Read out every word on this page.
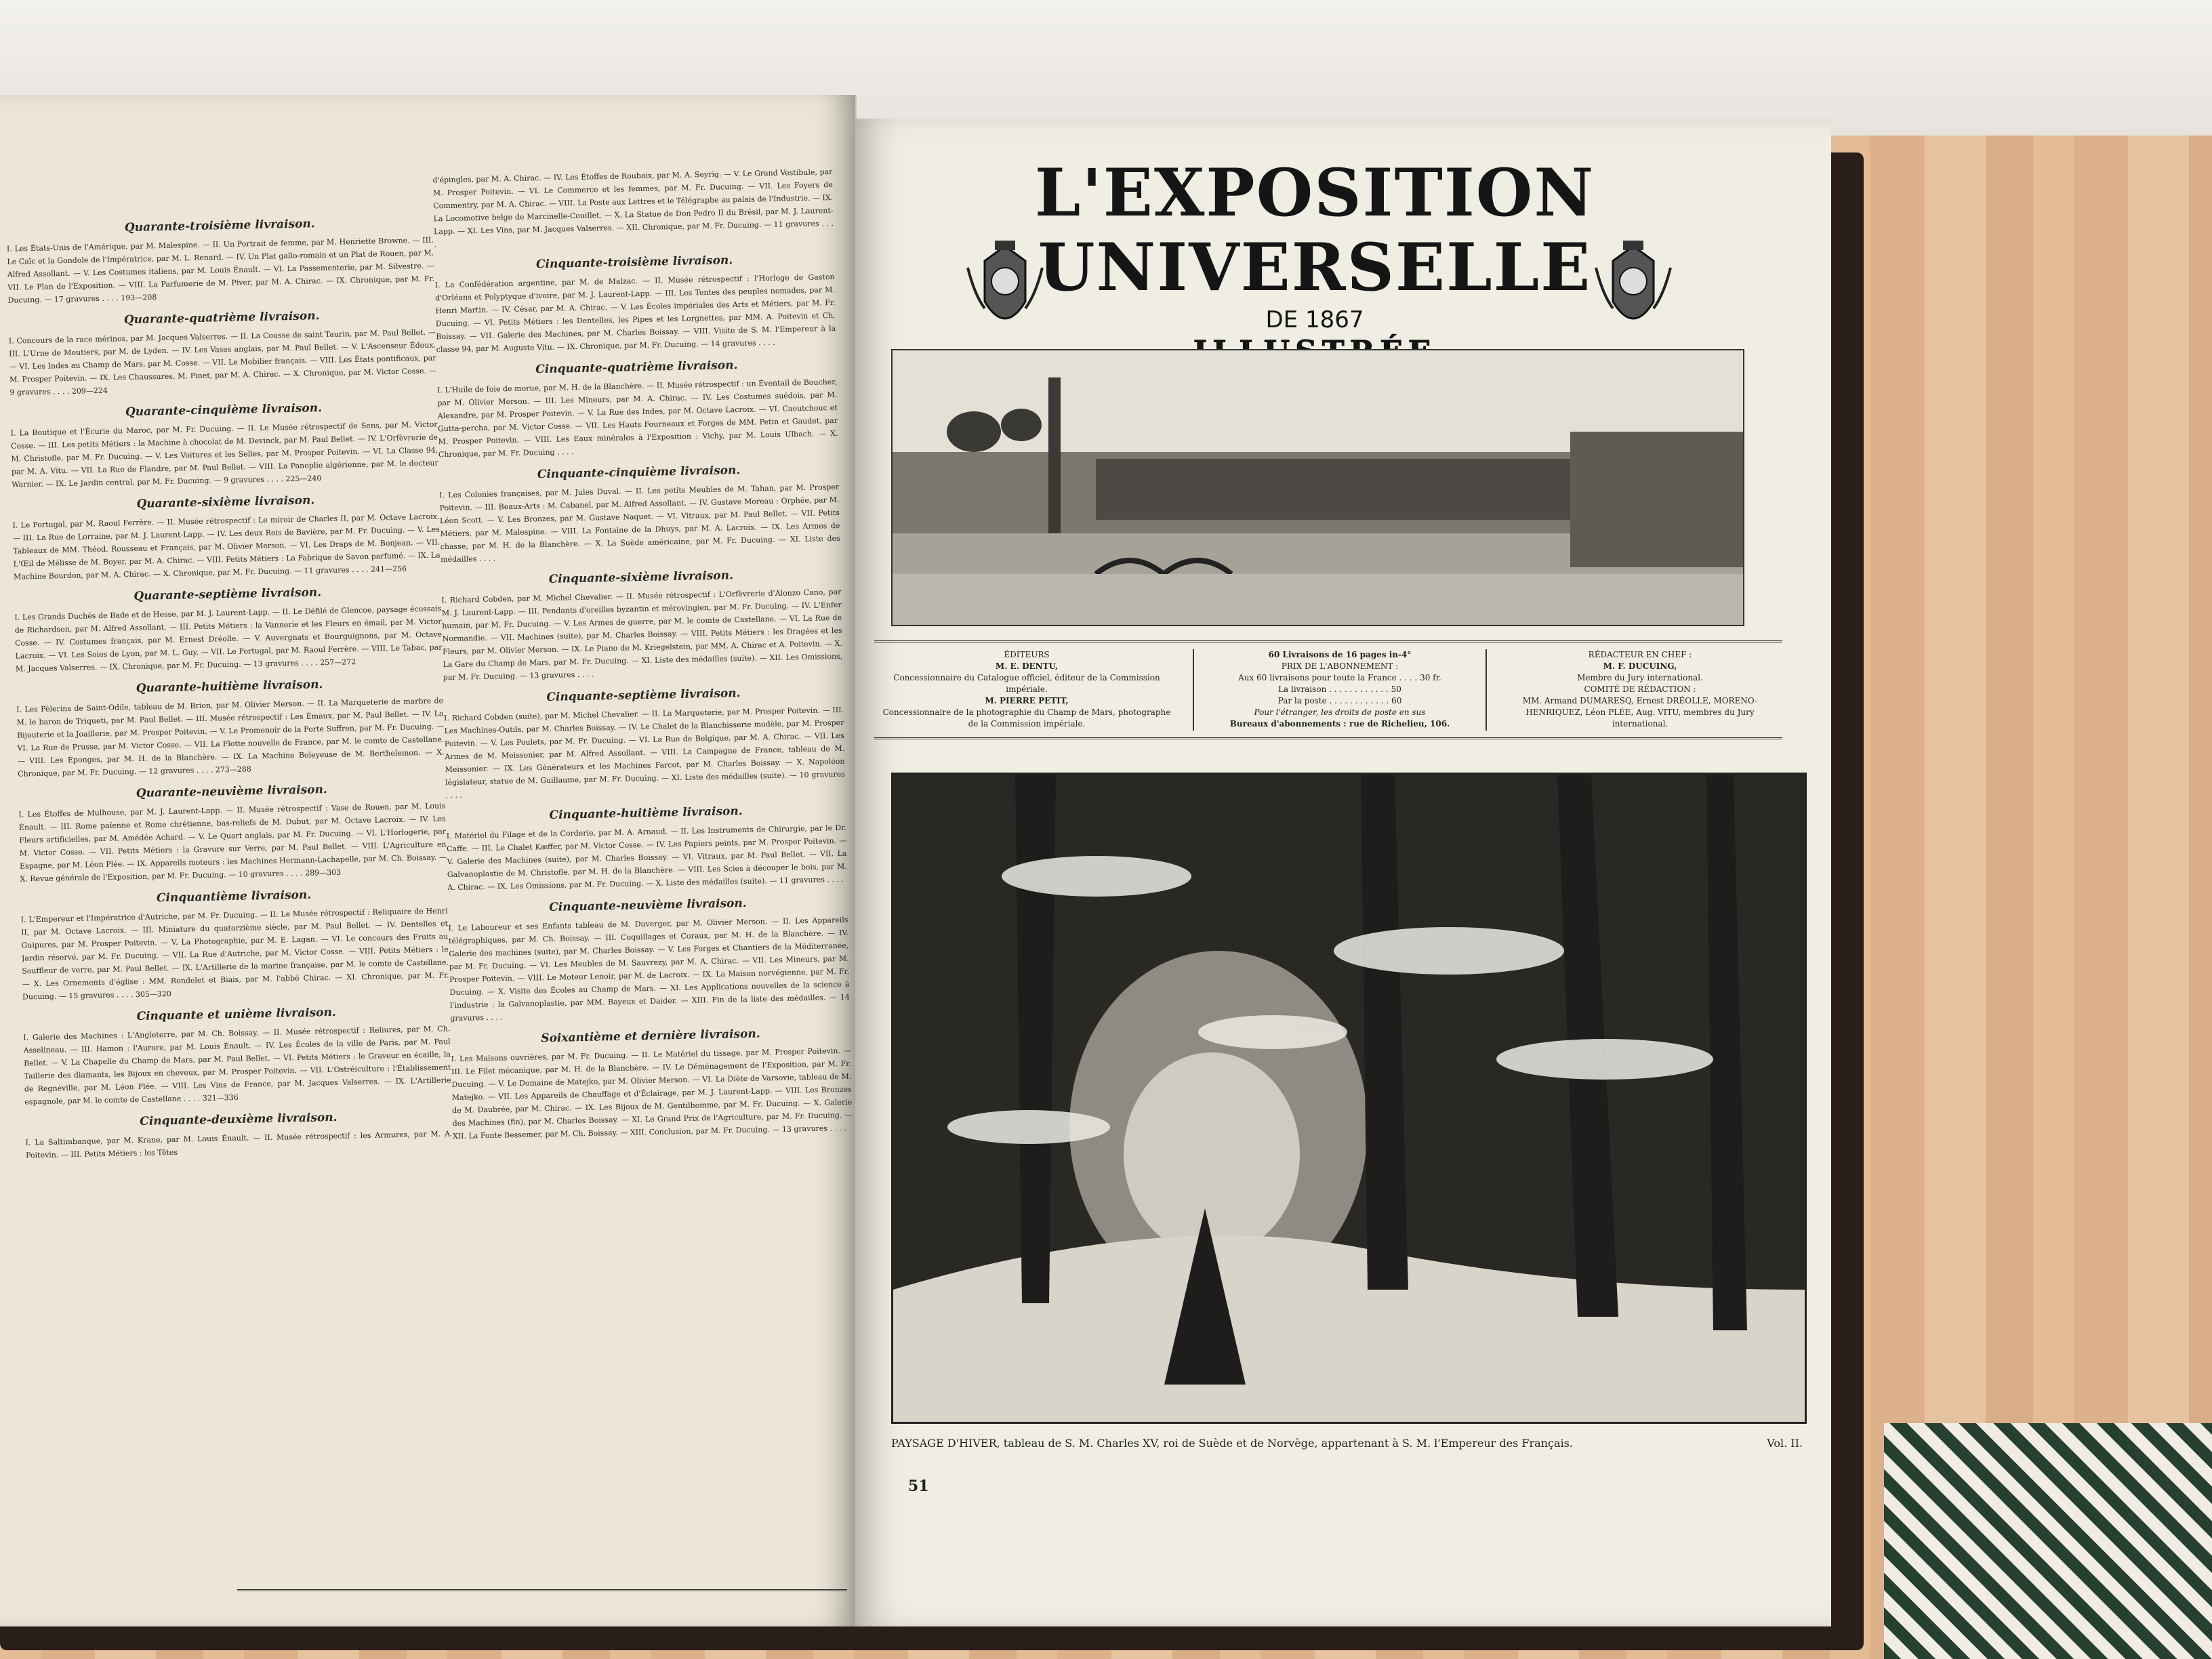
Quarante-troisième livraison.
I. Les États-Unis de l'Amérique, par M. Malespine. — II. Un Portrait de femme, par M. Henriette Browne. — III. Le Caïc et la Gondole de l'Impératrice, par M. L. Renard. — IV. Un Plat gallo-romain et un Plat de Rouen, par M. Alfred Assollant. — V. Les Costumes italiens, par M. Louis Énault. — VI. La Passementerie, par M. Silvestre. — VII. Le Plan de l'Exposition. — VIII. La Parfumerie de M. Piver, par M. A. Chirac. — IX. Chronique, par M. Fr. Ducuing. — 17 gravures . . . . 193—208
Quarante-quatrième livraison.
I. Concours de la race mérinos, par M. Jacques Valserres. — II. La Cousse de saint Taurin, par M. Paul Bellet. — III. L'Urne de Moutiers, par M. de Lyden. — IV. Les Vases anglais, par M. Paul Bellet. — V. L'Ascenseur Édoux. — VI. Les Indes au Champ de Mars, par M. Cosse. — VII. Le Mobilier français. — VIII. Les États pontificaux, par M. Prosper Poitevin. — IX. Les Chaussures, M. Pinet, par M. A. Chirac. — X. Chronique, par M. Victor Cosse. — 9 gravures . . . . 209—224
Quarante-cinquième livraison.
I. La Boutique et l'Écurie du Maroc, par M. Fr. Ducuing. — II. Le Musée rétrospectif de Sens, par M. Victor Cosse. — III. Les petits Métiers : la Machine à chocolat de M. Devinck, par M. Paul Bellet. — IV. L'Orfèvrerie de M. Christofle, par M. Fr. Ducuing. — V. Les Voitures et les Selles, par M. Prosper Poitevin. — VI. La Classe 94, par M. A. Vitu. — VII. La Rue de Flandre, par M. Paul Bellet. — VIII. La Panoplie algérienne, par M. le docteur Warnier. — IX. Le Jardin central, par M. Fr. Ducuing. — 9 gravures . . . . 225—240
Quarante-sixième livraison.
I. Le Portugal, par M. Raoul Ferrère. — II. Musée rétrospectif : Le miroir de Charles II, par M. Octave Lacroix. — III. La Rue de Lorraine, par M. J. Laurent-Lapp. — IV. Les deux Rois de Bavière, par M. Fr. Ducuing. — V. Les Tableaux de MM. Théod. Rousseau et Français, par M. Olivier Merson. — VI. Les Draps de M. Bonjean. — VII. L'Œil de Mélisse de M. Boyer, par M. A. Chirac. — VIII. Petits Métiers : La Fabrique de Savon parfumé. — IX. La Machine Bourdon, par M. A. Chirac. — X. Chronique, par M. Fr. Ducuing. — 11 gravures . . . . 241—256
Quarante-septième livraison.
I. Les Grands Duchés de Bade et de Hesse, par M. J. Laurent-Lapp. — II. Le Défilé de Glencoe, paysage écossais de Richardson, par M. Alfred Assollant. — III. Petits Métiers : la Vannerie et les Fleurs en émail, par M. Victor Cosse. — IV. Costumes français, par M. Ernest Dréolle. — V. Auvergnats et Bourguignons, par M. Octave Lacroix. — VI. Les Soies de Lyon, par M. L. Guy. — VII. Le Portugal, par M. Raoul Ferrère. — VIII. Le Tabac, par M. Jacques Valserres. — IX. Chronique, par M. Fr. Ducuing. — 13 gravures . . . . 257—272
Quarante-huitième livraison.
I. Les Pèlerins de Saint-Odile, tableau de M. Brion, par M. Olivier Merson. — II. La Marqueterie de marbre de M. le baron de Triqueti, par M. Paul Bellet. — III. Musée rétrospectif : Les Émaux, par M. Paul Bellet. — IV. La Bijouterie et la Joaillerie, par M. Prosper Poitevin. — V. Le Promenoir de la Porte Suffren, par M. Fr. Ducuing. — VI. La Rue de Prusse, par M. Victor Cosse. — VII. La Flotte nouvelle de France, par M. le comte de Castellane. — VIII. Les Éponges, par M. H. de la Blanchère. — IX. La Machine Boleyeuse de M. Berthelemon. — X. Chronique, par M. Fr. Ducuing. — 12 gravures . . . . 273—288
Quarante-neuvième livraison.
I. Les Étoffes de Mulhouse, par M. J. Laurent-Lapp. — II. Musée rétrospectif : Vase de Rouen, par M. Louis Énault. — III. Rome païenne et Rome chrétienne, bas-reliefs de M. Dubut, par M. Octave Lacroix. — IV. Les Fleurs artificielles, par M. Amédée Achard. — V. Le Quart anglais, par M. Fr. Ducuing. — VI. L'Horlogerie, par M. Victor Cosse. — VII. Petits Métiers : la Gravure sur Verre, par M. Paul Bellet. — VIII. L'Agriculture en Espagne, par M. Léon Plée. — IX. Appareils moteurs : les Machines Hermann-Lachapelle, par M. Ch. Boissay. — X. Revue générale de l'Exposition, par M. Fr. Ducuing. — 10 gravures . . . . 289—303
Cinquantième livraison.
I. L'Empereur et l'Impératrice d'Autriche, par M. Fr. Ducuing. — II. Le Musée rétrospectif : Reliquaire de Henri II, par M. Octave Lacroix. — III. Miniature du quatorzième siècle, par M. Paul Bellet. — IV. Dentelles et Guipures, par M. Prosper Poitevin. — V. La Photographie, par M. E. Lagan. — VI. Le concours des Fruits au Jardin réservé, par M. Fr. Ducuing. — VII. La Rue d'Autriche, par M. Victor Cosse. — VIII. Petits Métiers : le Souffleur de verre, par M. Paul Bellet. — IX. L'Artillerie de la marine française, par M. le comte de Castellane. — X. Les Ornements d'église : MM. Rondelet et Biais, par M. l'abbé Chirac. — XI. Chronique, par M. Fr. Ducuing. — 15 gravures . . . . 305—320
Cinquante et unième livraison.
I. Galerie des Machines : L'Angleterre, par M. Ch. Boissay. — II. Musée rétrospectif : Reliures, par M. Ch. Asselineau. — III. Hamon : l'Aurore, par M. Louis Énault. — IV. Les Écoles de la ville de Paris, par M. Paul Bellet. — V. La Chapelle du Champ de Mars, par M. Paul Bellet. — VI. Petits Métiers : le Graveur en écaille, la Taillerie des diamants, les Bijoux en cheveux, par M. Prosper Poitevin. — VII. L'Ostréiculture : l'Établissement de Regnéville, par M. Léon Plée. — VIII. Les Vins de France, par M. Jacques Valserres. — IX. L'Artillerie espagnole, par M. le comte de Castellane . . . . 321—336
Cinquante-deuxième livraison.
I. La Saltimbanque, par M. Krane, par M. Louis Énault. — II. Musée rétrospectif : les Armures, par M. A. Poitevin. — III. Petits Métiers : les Têtes
d'épingles, par M. A. Chirac. — IV. Les Étoffes de Roubaix, par M. A. Seyrig. — V. Le Grand Vestibule, par M. Prosper Poitevin. — VI. Le Commerce et les femmes, par M. Fr. Ducuing. — VII. Les Foyers de Commentry, par M. A. Chirac. — VIII. La Poste aux Lettres et le Télégraphe au palais de l'Industrie. — IX. La Locomotive belge de Marcinelle-Couillet. — X. La Statue de Don Pedro II du Brésil, par M. J. Laurent-Lapp. — XI. Les Vins, par M. Jacques Valserres. — XII. Chronique, par M. Fr. Ducuing. — 11 gravures . . . .
Cinquante-troisième livraison.
I. La Confédération argentine, par M. de Malzac. — II. Musée rétrospectif : l'Horloge de Gaston d'Orléans et Polyptyque d'ivoire, par M. J. Laurent-Lapp. — III. Les Tentes des peuples nomades, par M. Henri Martin. — IV. César, par M. A. Chirac. — V. Les Écoles impériales des Arts et Métiers, par M. Fr. Ducuing. — VI. Petits Métiers : les Dentelles, les Pipes et les Lorgnettes, par MM. A. Poitevin et Ch. Boissay. — VII. Galerie des Machines, par M. Charles Boissay. — VIII. Visite de S. M. l'Empereur à la classe 94, par M. Auguste Vitu. — IX. Chronique, par M. Fr. Ducuing. — 14 gravures . . . .
Cinquante-quatrième livraison.
I. L'Huile de foie de morue, par M. H. de la Blanchère. — II. Musée rétrospectif : un Éventail de Boucher, par M. Olivier Merson. — III. Les Mineurs, par M. A. Chirac. — IV. Les Costumes suédois, par M. Alexandre, par M. Prosper Poitevin. — V. La Rue des Indes, par M. Octave Lacroix. — VI. Caoutchouc et Gutta-percha, par M. Victor Cosse. — VII. Les Hauts Fourneaux et Forges de MM. Petin et Gaudet, par M. Prosper Poitevin. — VIII. Les Eaux minérales à l'Exposition : Vichy, par M. Louis Ulbach. — X. Chronique, par M. Fr. Ducuing . . . .
Cinquante-cinquième livraison.
I. Les Colonies françaises, par M. Jules Duval. — II. Les petits Meubles de M. Tahan, par M. Prosper Poitevin. — III. Beaux-Arts : M. Cabanel, par M. Alfred Assollant. — IV. Gustave Moreau : Orphée, par M. Léon Scott. — V. Les Bronzes, par M. Gustave Naquet. — VI. Vitraux, par M. Paul Bellet. — VII. Petits Métiers, par M. Malespine. — VIII. La Fontaine de la Dhuys, par M. A. Lacroix. — IX. Les Armes de chasse, par M. H. de la Blanchère. — X. La Suède américaine, par M. Fr. Ducuing. — XI. Liste des médailles . . . .
Cinquante-sixième livraison.
I. Richard Cobden, par M. Michel Chevalier. — II. Musée rétrospectif : L'Orfèvrerie d'Alonzo Cano, par M. J. Laurent-Lapp. — III. Pendants d'oreilles byzantin et mérovingien, par M. Fr. Ducuing. — IV. L'Enfer humain, par M. Fr. Ducuing. — V. Les Armes de guerre, par M. le comte de Castellane. — VI. La Rue de Normandie. — VII. Machines (suite), par M. Charles Boissay. — VIII. Petits Métiers : les Dragées et les Fleurs, par M. Olivier Merson. — IX. Le Piano de M. Kriegelstein, par MM. A. Chirac et A. Poitevin. — X. La Gare du Champ de Mars, par M. Fr. Ducuing. — XI. Liste des médailles (suite). — XII. Les Omissions, par M. Fr. Ducuing. — 13 gravures . . . .
Cinquante-septième livraison.
I. Richard Cobden (suite), par M. Michel Chevalier. — II. La Marqueterie, par M. Prosper Poitevin. — III. Les Machines-Outils, par M. Charles Boissay. — IV. Le Chalet de la Blanchisserie modèle, par M. Prosper Poitevin. — V. Les Poulets, par M. Fr. Ducuing. — VI. La Rue de Belgique, par M. A. Chirac. — VII. Les Armes de M. Meissonier, par M. Alfred Assollant. — VIII. La Campagne de France, tableau de M. Meissonier. — IX. Les Générateurs et les Machines Farcot, par M. Charles Boissay. — X. Napoléon législateur, statue de M. Guillaume, par M. Fr. Ducuing. — XI. Liste des médailles (suite). — 10 gravures . . . .
Cinquante-huitième livraison.
I. Matériel du Filage et de la Corderie, par M. A. Arnaud. — II. Les Instruments de Chirurgie, par le Dr. Caffe. — III. Le Chalet Kæffer, par M. Victor Cosse. — IV. Les Papiers peints, par M. Prosper Poitevin. — V. Galerie des Machines (suite), par M. Charles Boissay. — VI. Vitraux, par M. Paul Bellet. — VII. La Galvanoplastie de M. Christofle, par M. H. de la Blanchère. — VIII. Les Scies à découper le bois, par M. A. Chirac. — IX. Les Omissions, par M. Fr. Ducuing. — X. Liste des médailles (suite). — 11 gravures . . . .
Cinquante-neuvième livraison.
I. Le Laboureur et ses Enfants tableau de M. Duverger, par M. Olivier Merson. — II. Les Appareils télégraphiques, par M. Ch. Boissay. — III. Coquillages et Coraux, par M. H. de la Blanchère. — IV. Galerie des machines (suite), par M. Charles Boissay. — V. Les Forges et Chantiers de la Méditerranée, par M. Fr. Ducuing. — VI. Les Meubles de M. Sauvrezy, par M. A. Chirac. — VII. Les Mineurs, par M. Prosper Poitevin. — VIII. Le Moteur Lenoir, par M. de Lacroix. — IX. La Maison norvégienne, par M. Fr. Ducuing. — X. Visite des Écoles au Champ de Mars. — XI. Les Applications nouvelles de la science à l'industrie : la Galvanoplastie, par MM. Bayeux et Daider. — XIII. Fin de la liste des médailles. — 14 gravures . . . .
Soixantième et dernière livraison.
I. Les Maisons ouvrières, par M. Fr. Ducuing. — II. Le Matériel du tissage, par M. Prosper Poitevin. — III. Le Filet mécanique, par M. H. de la Blanchère. — IV. Le Déménagement de l'Exposition, par M. Fr. Ducuing. — V. Le Domaine de Matejko, par M. Olivier Merson. — VI. La Diète de Varsovie, tableau de M. Matejko. — VII. Les Appareils de Chauffage et d'Éclairage, par M. J. Laurent-Lapp. — VIII. Les Bronzes de M. Daubrée, par M. Chirac. — IX. Les Bijoux de M. Gentilhomme, par M. Fr. Ducuing. — X. Galerie des Machines (fin), par M. Charles Boissay. — XI. Le Grand Prix de l'Agriculture, par M. Fr. Ducuing. — XII. La Fonte Bessemer, par M. Ch. Boissay. — XIII. Conclusion, par M. Fr. Ducuing. — 13 gravures . . . .
L'EXPOSITION UNIVERSELLE
DE 1867
ÉDITEURS
M. E. DENTU,
Concessionnaire du Catalogue officiel, éditeur de la Commission impériale.
M. PIERRE PETIT,
Concessionnaire de la photographie du Champ de Mars, photographe de la Commission impériale.
60 Livraisons de 16 pages in-4°
PRIX DE L'ABONNEMENT :
Aux 60 livraisons pour toute la France . . . . 30 fr.
La livraison . . . . . . . . . . . . 50
Par la poste . . . . . . . . . . . . 60
Pour l'étranger, les droits de poste en sus
Bureaux d'abonnements : rue de Richelieu, 106.
RÉDACTEUR EN CHEF :
M. F. DUCUING,
Membre du Jury international.
COMITÉ DE RÉDACTION :
MM. Armand DUMARESQ, Ernest DRÉOLLE, MORENO-HENRIQUEZ, Léon PLÉE, Aug. VITU, membres du Jury international.
PAYSAGE D'HIVER, tableau de S. M. Charles XV, roi de Suède et de Norvège, appartenant à S. M. l'Empereur des Français.	Vol. II.
51
